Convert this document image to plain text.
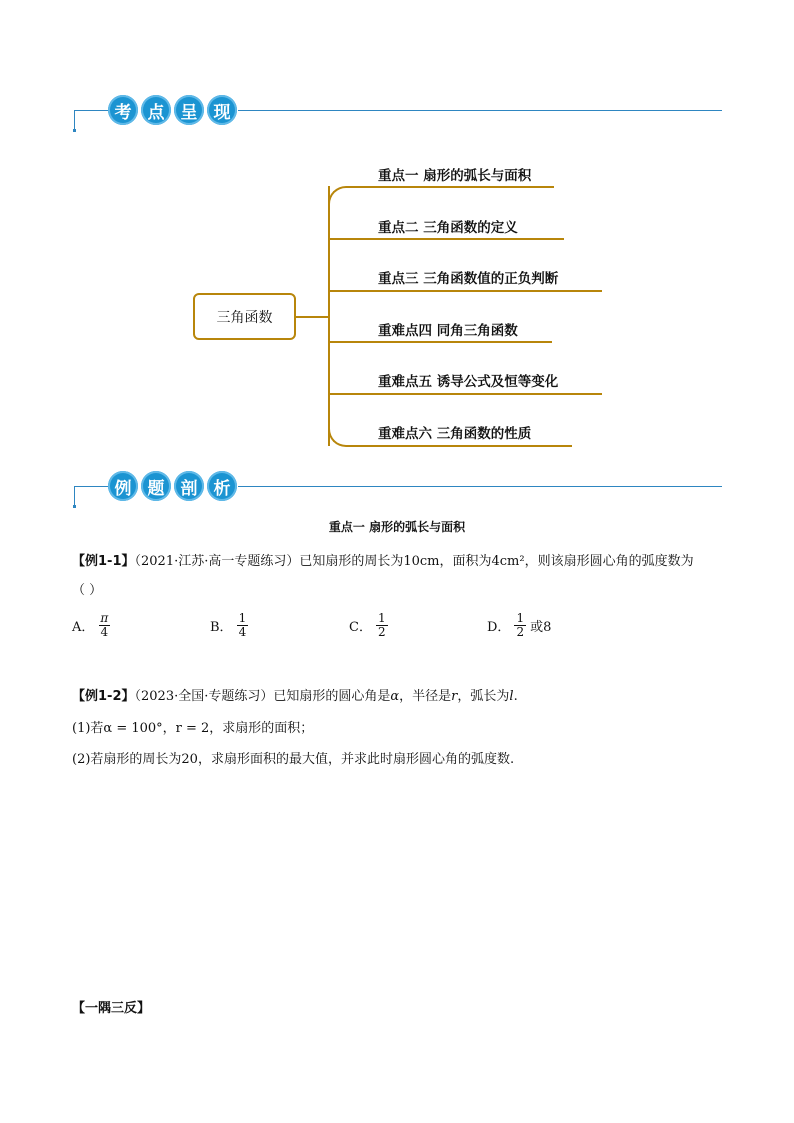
考 点 呈 现
三角函数
重点一 扇形的弧长与面积
重点二 三角函数的定义
重点三 三角函数值的正负判断
重难点四 同角三角函数
重难点五 诱导公式及恒等变化
重难点六 三角函数的性质
例 题 剖 析
重点一 扇形的弧长与面积
【例1-1】（2021·江苏·高一专题练习）已知扇形的周长为10cm，面积为4cm²，则该扇形圆心角的弧度数为
（ ）
A． $\frac{\pi}{4}$	B． $\frac{1}{4}$	C． $\frac{1}{2}$	D． $\frac{1}{2}$ 或8
【例1-2】（2023·全国·专题练习）已知扇形的圆心角是α，半径是r，弧长为l.
(1)若α = 100°，r = 2，求扇形的面积；
(2)若扇形的周长为20，求扇形面积的最大值，并求此时扇形圆心角的弧度数.
【一隅三反】
